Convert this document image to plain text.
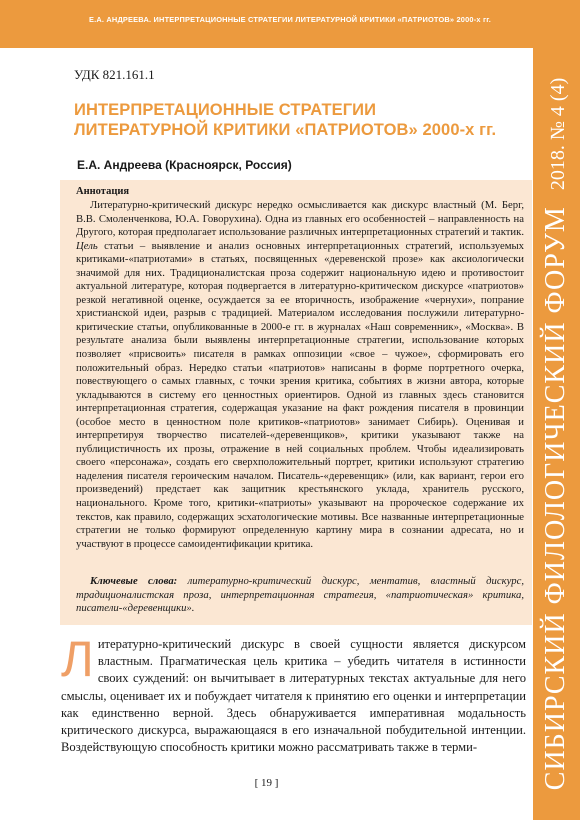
Е.А. АНДРЕЕВА. ИНТЕРПРЕТАЦИОННЫЕ СТРАТЕГИИ ЛИТЕРАТУРНОЙ КРИТИКИ «ПАТРИОТОВ» 2000-х гг.
СИБИРСКИЙ ФИЛОЛОГИЧЕСКИЙ ФОРУМ
2018. № 4 (4)
УДК 821.161.1
ИНТЕРПРЕТАЦИОННЫЕ СТРАТЕГИИ
ЛИТЕРАТУРНОЙ КРИТИКИ «ПАТРИОТОВ» 2000-х гг.
Е.А. Андреева (Красноярск, Россия)
Аннотация

Литературно-критический дискурс нередко осмысливается как дискурс властный (М. Берг, В.В. Смоленченкова, Ю.А. Говорухина). Одна из главных его особенностей – направленность на Другого, которая предполагает использование различных интерпретационных стратегий и тактик. Цель статьи – выявление и анализ основных интерпретационных стратегий, используемых критиками-«патриотами» в статьях, посвященных «деревенской прозе» как аксиологически значимой для них. Традиционалистская проза содержит национальную идею и противостоит актуальной литературе, которая подвергается в литературно-критическом дискурсе «патриотов» резкой негативной оценке, осуждается за ее вторичность, изображение «чернухи», попрание христианской идеи, разрыв с традицией. Материалом исследования послужили литературно-критические статьи, опубликованные в 2000-е гг. в журналах «Наш современник», «Москва». В результате анализа были выявлены интерпретационные стратегии, использование которых позволяет «присвоить» писателя в рамках оппозиции «свое – чужое», сформировать его положительный образ. Нередко статьи «патриотов» написаны в форме портретного очерка, повествующего о самых главных, с точки зрения критика, событиях в жизни автора, которые укладываются в систему его ценностных ориентиров. Одной из главных здесь становится интерпретационная стратегия, содержащая указание на факт рождения писателя в провинции (особое место в ценностном поле критиков-«патриотов» занимает Сибирь). Оценивая и интерпретируя творчество писателей-«деревенщиков», критики указывают также на публицистичность их прозы, отражение в ней социальных проблем. Чтобы идеализировать своего «персонажа», создать его сверхположительный портрет, критики используют стратегию наделения писателя героическим началом. Писатель-«деревенщик» (или, как вариант, герои его произведений) предстает как защитник крестьянского уклада, хранитель русского, национального. Кроме того, критики-«патриоты» указывают на пророческое содержание их текстов, как правило, содержащих эсхатологические мотивы. Все названные интерпретационные стратегии не только формируют определенную картину мира в сознании адресата, но и участвуют в процессе самоидентификации критика.

Ключевые слова: литературно-критический дискурс, ментатив, властный дискурс, традиционалистская проза, интерпретационная стратегия, «патриотическая» критика, писатели-«деревенщики».

Литературно-критический дискурс в своей сущности является дискурсом властным. Прагматическая цель критика – убедить читателя в истинности своих суждений: он вычитывает в литературных текстах актуальные для него смыслы, оценивает их и побуждает читателя к принятию его оценки и интерпретации как единственно верной. Здесь обнаруживается императивная модальность критического дискурса, выражающаяся в его изначальной побудительной интенции. Воздействующую способность критики можно рассматривать также в терми-

[ 19 ]
